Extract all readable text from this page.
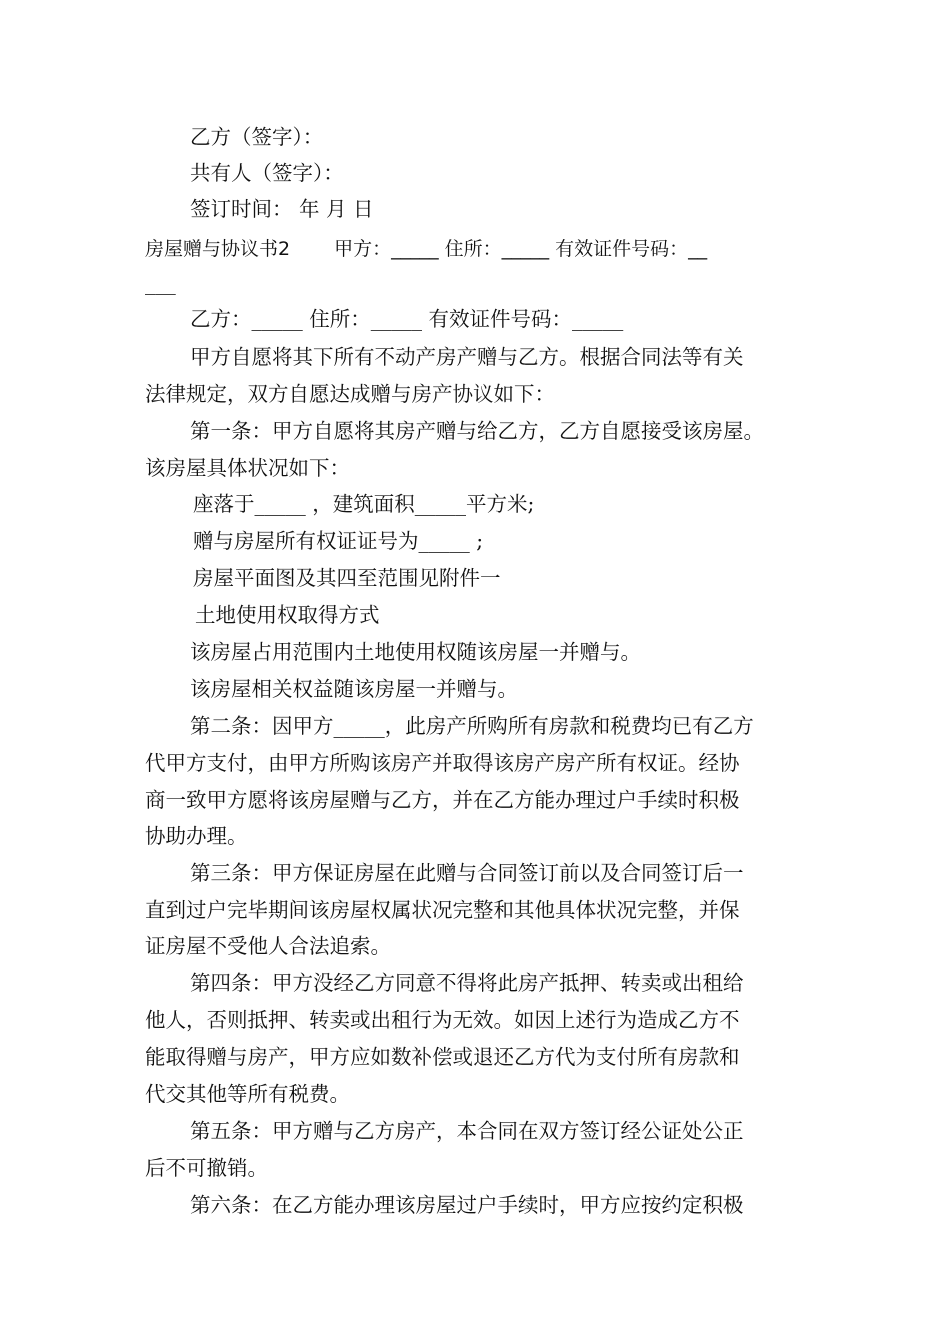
乙方（签字）：
共有人（签字）：
签订时间： 年 月 日
房屋赠与协议书2 甲方：_____ 住所：_____ 有效证件号码：__
___
乙方：_____ 住所：_____ 有效证件号码：_____
甲方自愿将其下所有不动产房产赠与乙方。根据合同法等有关
法律规定，双方自愿达成赠与房产协议如下：
第一条：甲方自愿将其房产赠与给乙方，乙方自愿接受该房屋。
该房屋具体状况如下：
座落于_____ ，建筑面积_____平方米;
赠与房屋所有权证证号为_____ ;
房屋平面图及其四至范围见附件一
土地使用权取得方式
该房屋占用范围内土地使用权随该房屋一并赠与。
该房屋相关权益随该房屋一并赠与。
第二条：因甲方_____，此房产所购所有房款和税费均已有乙方
代甲方支付，由甲方所购该房产并取得该房产房产所有权证。经协
商一致甲方愿将该房屋赠与乙方，并在乙方能办理过户手续时积极
协助办理。
第三条：甲方保证房屋在此赠与合同签订前以及合同签订后一
直到过户完毕期间该房屋权属状况完整和其他具体状况完整，并保
证房屋不受他人合法追索。
第四条：甲方没经乙方同意不得将此房产抵押、转卖或出租给
他人，否则抵押、转卖或出租行为无效。如因上述行为造成乙方不
能取得赠与房产，甲方应如数补偿或退还乙方代为支付所有房款和
代交其他等所有税费。
第五条：甲方赠与乙方房产，本合同在双方签订经公证处公正
后不可撤销。
第六条：在乙方能办理该房屋过户手续时，甲方应按约定积极
